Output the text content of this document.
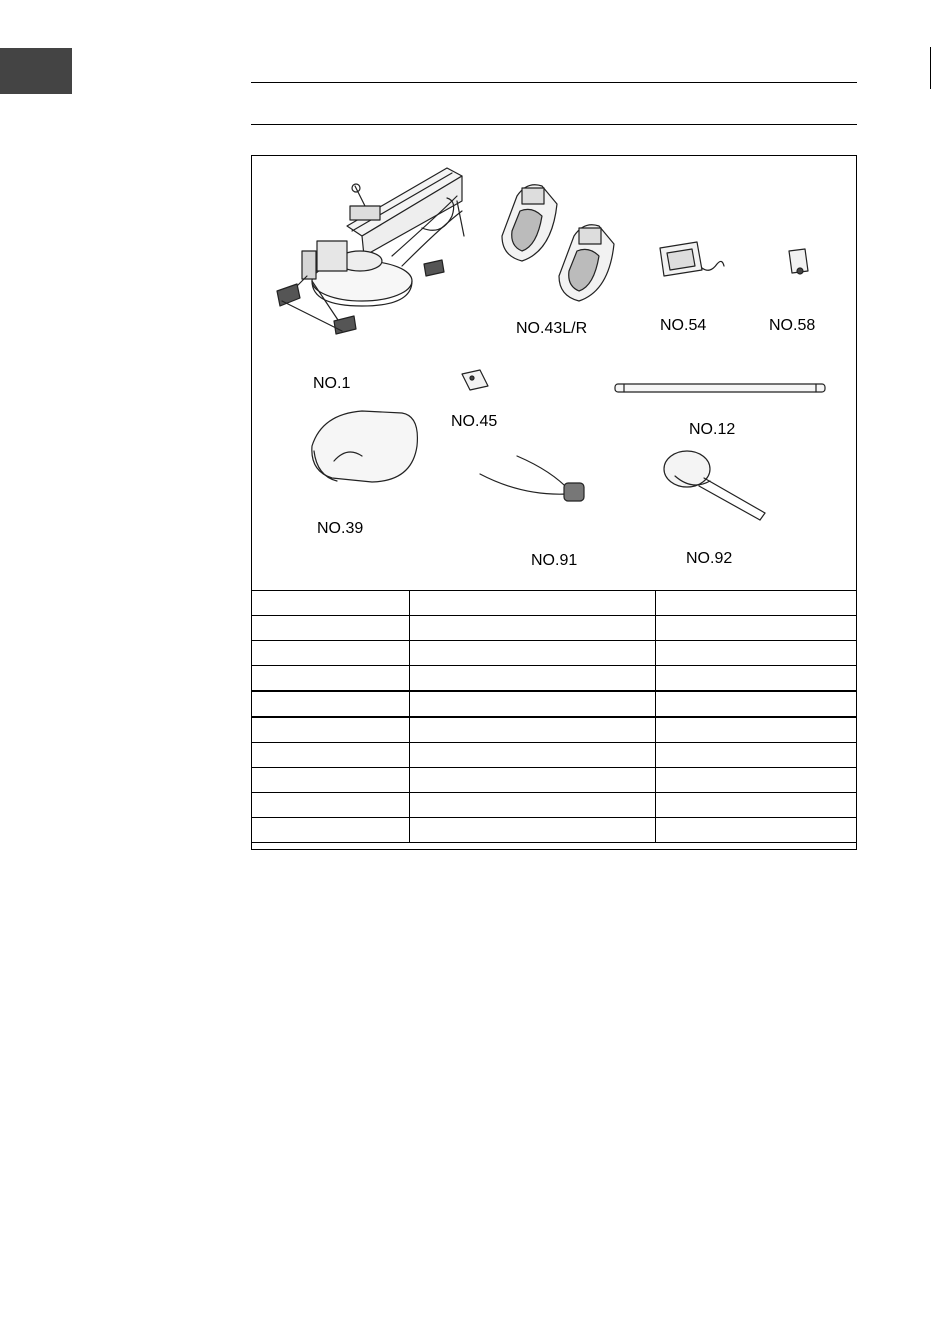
NO.43L/R	NO.54	NO.58
NO.1
NO.45	NO.12
NO.39
NO.92
NO.91
